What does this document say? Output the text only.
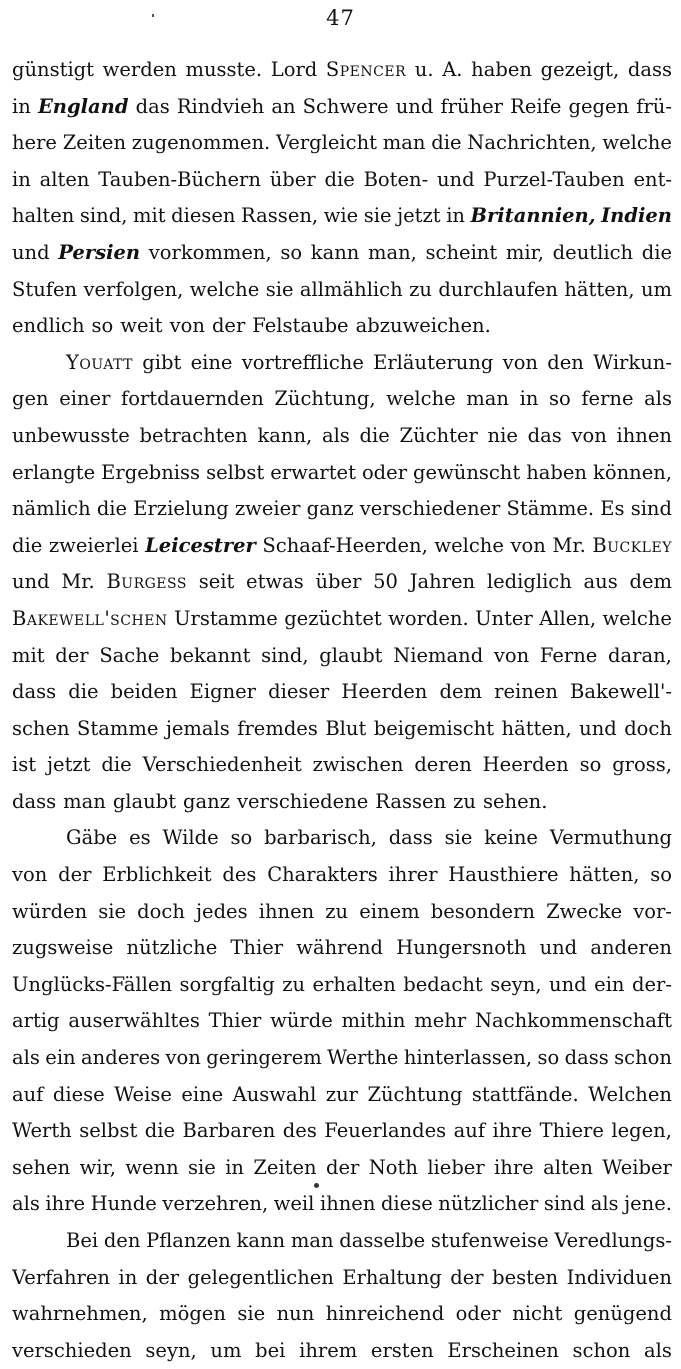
47
günstigt werden musste. Lord Spencer u. A. haben gezeigt, dass
in England das Rindvieh an Schwere und früher Reife gegen frü-
here Zeiten zugenommen. Vergleicht man die Nachrichten, welche
in alten Tauben-Büchern über die Boten- und Purzel-Tauben ent-
halten sind, mit diesen Rassen, wie sie jetzt in Britannien, Indien
und Persien vorkommen, so kann man, scheint mir, deutlich die
Stufen verfolgen, welche sie allmählich zu durchlaufen hätten, um
endlich so weit von der Felstaube abzuweichen.
Youatt gibt eine vortreffliche Erläuterung von den Wirkun-
gen einer fortdauernden Züchtung, welche man in so ferne als
unbewusste betrachten kann, als die Züchter nie das von ihnen
erlangte Ergebniss selbst erwartet oder gewünscht haben können,
nämlich die Erzielung zweier ganz verschiedener Stämme. Es sind
die zweierlei Leicestrer Schaaf-Heerden, welche von Mr. Buckley
und Mr. Burgess seit etwas über 50 Jahren lediglich aus dem
Bakewell'schen Urstamme gezüchtet worden. Unter Allen, welche
mit der Sache bekannt sind, glaubt Niemand von Ferne daran,
dass die beiden Eigner dieser Heerden dem reinen Bakewell'-
schen Stamme jemals fremdes Blut beigemischt hätten, und doch
ist jetzt die Verschiedenheit zwischen deren Heerden so gross,
dass man glaubt ganz verschiedene Rassen zu sehen.
Gäbe es Wilde so barbarisch, dass sie keine Vermuthung
von der Erblichkeit des Charakters ihrer Hausthiere hätten, so
würden sie doch jedes ihnen zu einem besondern Zwecke vor-
zugsweise nützliche Thier während Hungersnoth und anderen
Unglücks-Fällen sorgfaltig zu erhalten bedacht seyn, und ein der-
artig auserwähltes Thier würde mithin mehr Nachkommenschaft
als ein anderes von geringerem Werthe hinterlassen, so dass schon
auf diese Weise eine Auswahl zur Züchtung stattfände. Welchen
Werth selbst die Barbaren des Feuerlandes auf ihre Thiere legen,
sehen wir, wenn sie in Zeiten der Noth lieber ihre alten Weiber
als ihre Hunde verzehren, weil ihnen diese nützlicher sind als jene.
Bei den Pflanzen kann man dasselbe stufenweise Veredlungs-
Verfahren in der gelegentlichen Erhaltung der besten Individuen
wahrnehmen, mögen sie nun hinreichend oder nicht genügend
verschieden seyn, um bei ihrem ersten Erscheinen schon als
